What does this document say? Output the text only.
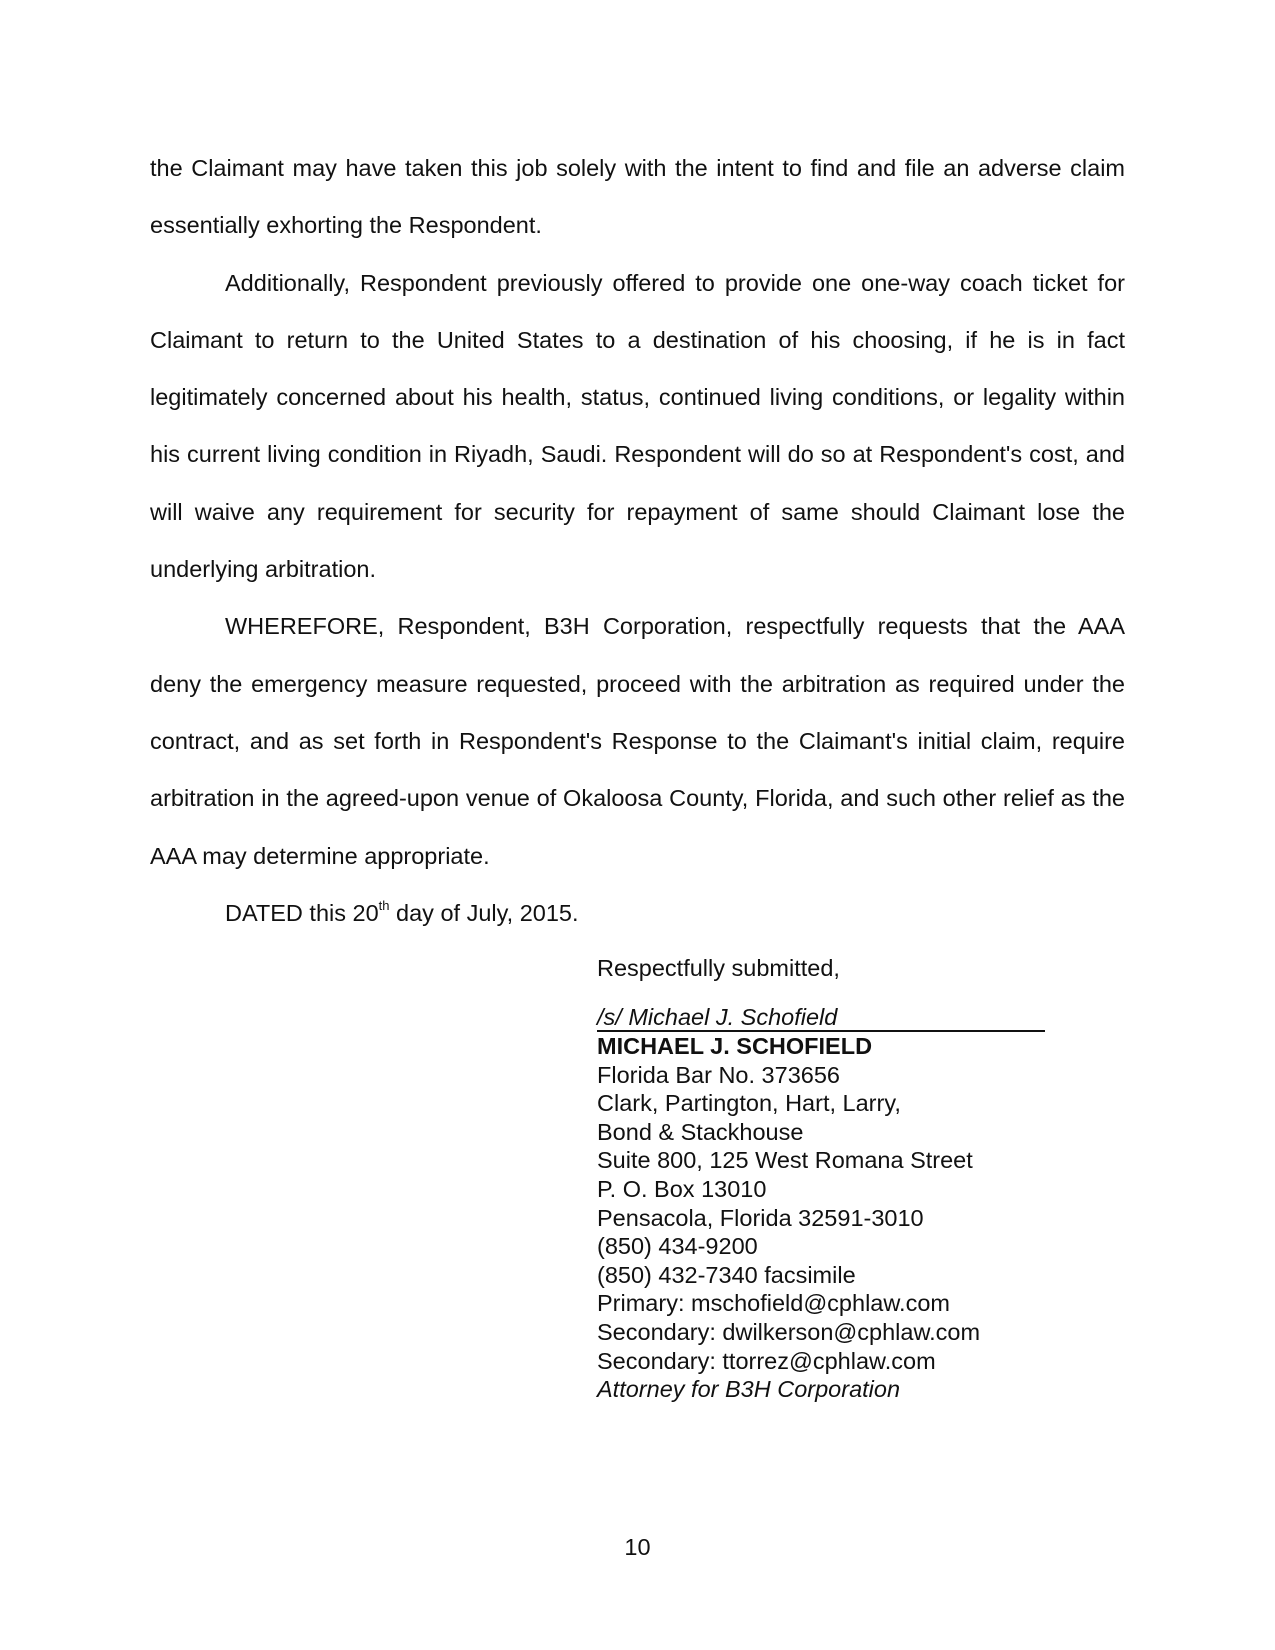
the Claimant may have taken this job solely with the intent to find and file an adverse claim essentially exhorting the Respondent.

Additionally, Respondent previously offered to provide one one-way coach ticket for Claimant to return to the United States to a destination of his choosing, if he is in fact legitimately concerned about his health, status, continued living conditions, or legality within his current living condition in Riyadh, Saudi. Respondent will do so at Respondent's cost, and will waive any requirement for security for repayment of same should Claimant lose the underlying arbitration.

WHEREFORE, Respondent, B3H Corporation, respectfully requests that the AAA deny the emergency measure requested, proceed with the arbitration as required under the contract, and as set forth in Respondent's Response to the Claimant's initial claim, require arbitration in the agreed-upon venue of Okaloosa County, Florida, and such other relief as the AAA may determine appropriate.

DATED this 20th day of July, 2015.

Respectfully submitted,

/s/ Michael J. Schofield
MICHAEL J. SCHOFIELD
Florida Bar No. 373656
Clark, Partington, Hart, Larry,
Bond & Stackhouse
Suite 800, 125 West Romana Street
P. O. Box 13010
Pensacola, Florida 32591-3010
(850) 434-9200
(850) 432-7340 facsimile
Primary: mschofield@cphlaw.com
Secondary: dwilkerson@cphlaw.com
Secondary: ttorrez@cphlaw.com
Attorney for B3H Corporation
10
